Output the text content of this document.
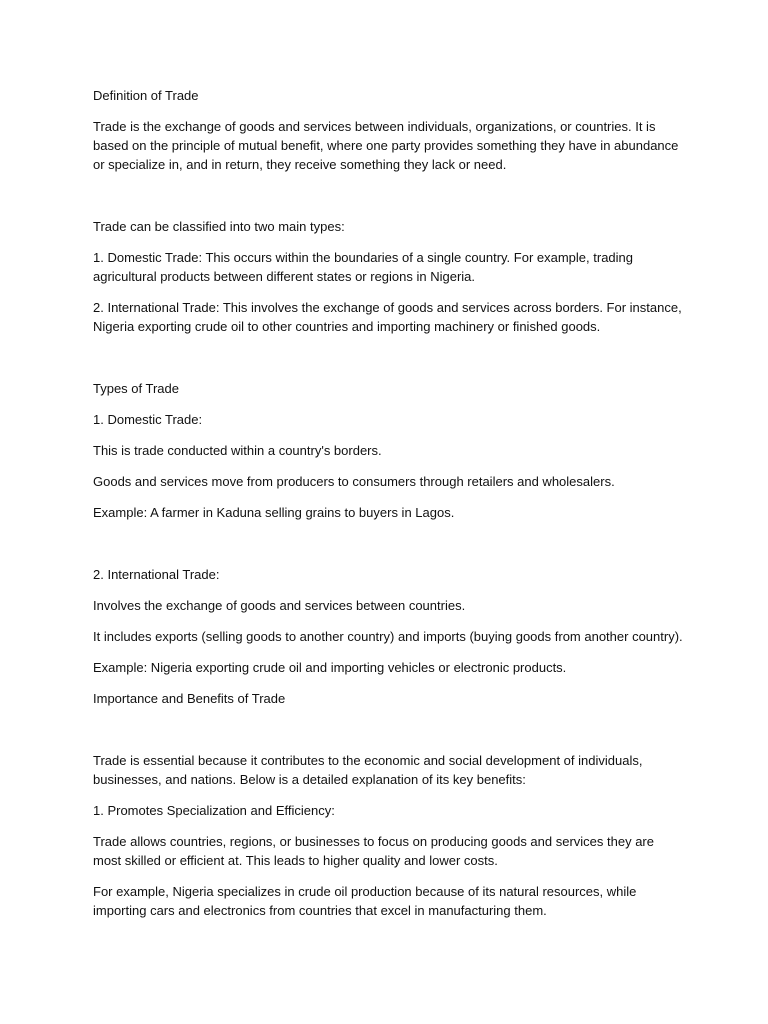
Definition of Trade

Trade is the exchange of goods and services between individuals, organizations, or countries. It is based on the principle of mutual benefit, where one party provides something they have in abundance or specialize in, and in return, they receive something they lack or need.

Trade can be classified into two main types:

1. Domestic Trade: This occurs within the boundaries of a single country. For example, trading agricultural products between different states or regions in Nigeria.

2. International Trade: This involves the exchange of goods and services across borders. For instance, Nigeria exporting crude oil to other countries and importing machinery or finished goods.

Types of Trade

1. Domestic Trade:

This is trade conducted within a country's borders.

Goods and services move from producers to consumers through retailers and wholesalers.

Example: A farmer in Kaduna selling grains to buyers in Lagos.

2. International Trade:

Involves the exchange of goods and services between countries.

It includes exports (selling goods to another country) and imports (buying goods from another country).

Example: Nigeria exporting crude oil and importing vehicles or electronic products.

Importance and Benefits of Trade

Trade is essential because it contributes to the economic and social development of individuals, businesses, and nations. Below is a detailed explanation of its key benefits:

1. Promotes Specialization and Efficiency:

Trade allows countries, regions, or businesses to focus on producing goods and services they are most skilled or efficient at. This leads to higher quality and lower costs.

For example, Nigeria specializes in crude oil production because of its natural resources, while importing cars and electronics from countries that excel in manufacturing them.
